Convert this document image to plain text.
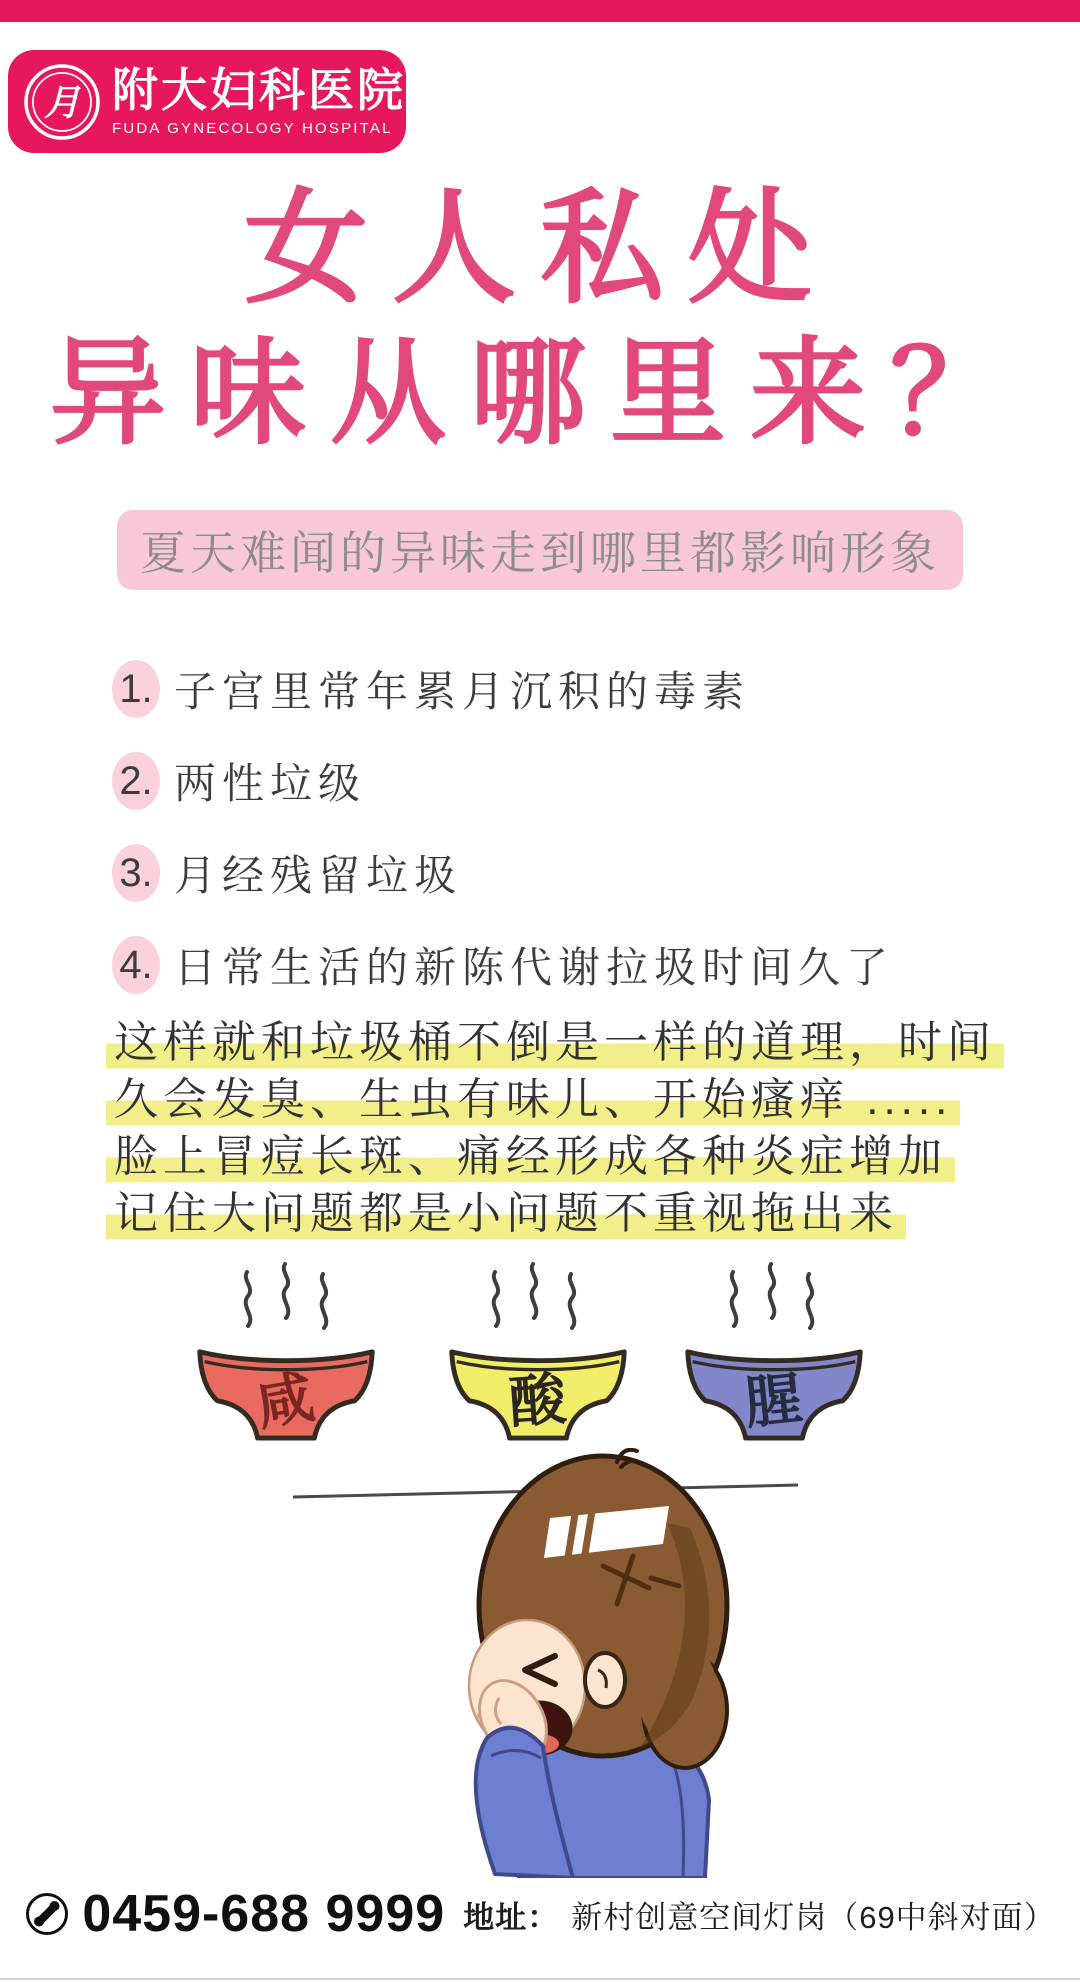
月 附大妇科医院
FUDA GYNECOLOGY HOSPITAL
女人私处
异味从哪里来？
夏天难闻的异味走到哪里都影响形象
1. 子宫里常年累月沉积的毒素
2. 两性垃级
3. 月经残留垃圾
4. 日常生活的新陈代谢拉圾时间久了
这样就和垃圾桶不倒是一样的道理，时间
久会发臭、生虫有味儿、开始瘙痒 .....
脸上冒痘长斑、痛经形成各种炎症增加
记住大问题都是小问题不重视拖出来
咸	酸	腥
0459-688 9999 地址： 新村创意空间灯岗（69中斜对面）
